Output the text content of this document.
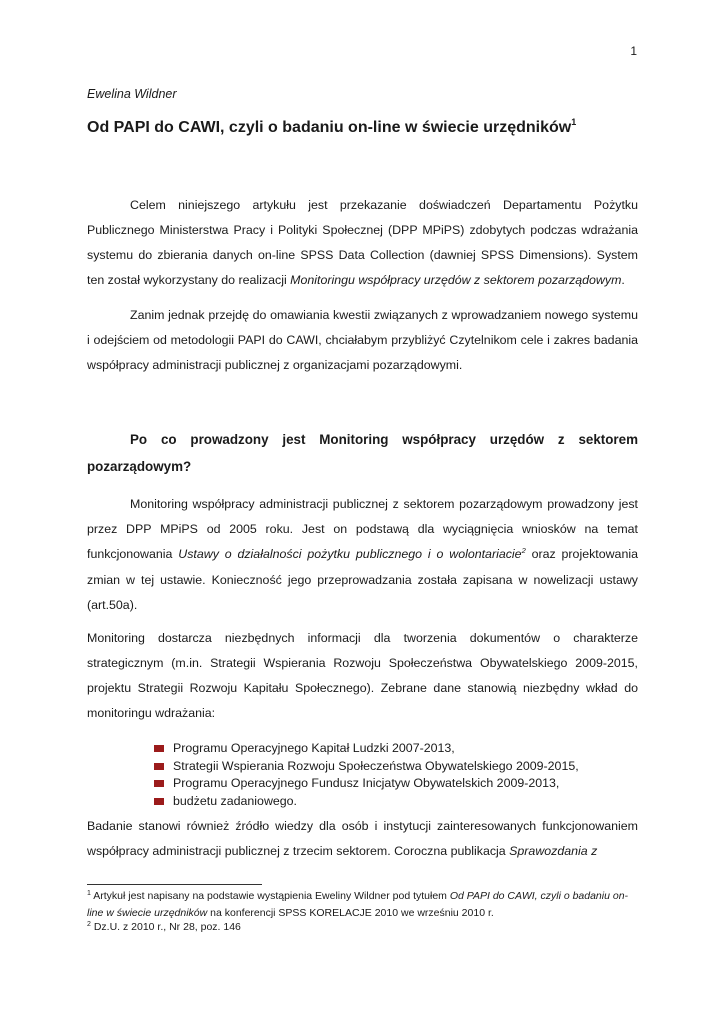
1
Ewelina Wildner
Od PAPI do CAWI, czyli o badaniu on-line w świecie urzędników$^1$
Celem niniejszego artykułu jest przekazanie doświadczeń Departamentu Pożytku Publicznego Ministerstwa Pracy i Polityki Społecznej (DPP MPiPS) zdobytych podczas wdrażania systemu do zbierania danych on-line SPSS Data Collection (dawniej SPSS Dimensions). System ten został wykorzystany do realizacji Monitoringu współpracy urzędów z sektorem pozarządowym.
Zanim jednak przejdę do omawiania kwestii związanych z wprowadzaniem nowego systemu i odejściem od metodologii PAPI do CAWI, chciałabym przybliżyć Czytelnikom cele i zakres badania współpracy administracji publicznej z organizacjami pozarządowymi.
Po co prowadzony jest Monitoring współpracy urzędów z sektorem pozarządowym?
Monitoring współpracy administracji publicznej z sektorem pozarządowym prowadzony jest przez DPP MPiPS od 2005 roku. Jest on podstawą dla wyciągnięcia wniosków na temat funkcjonowania Ustawy o działalności pożytku publicznego i o wolontariacie$^2$ oraz projektowania zmian w tej ustawie. Konieczność jego przeprowadzania została zapisana w nowelizacji ustawy (art.50a).
Monitoring dostarcza niezbędnych informacji dla tworzenia dokumentów o charakterze strategicznym (m.in. Strategii Wspierania Rozwoju Społeczeństwa Obywatelskiego 2009-2015, projektu Strategii Rozwoju Kapitału Społecznego). Zebrane dane stanowią niezbędny wkład do monitoringu wdrażania:
Programu Operacyjnego Kapitał Ludzki 2007-2013,
Strategii Wspierania Rozwoju Społeczeństwa Obywatelskiego 2009-2015,
Programu Operacyjnego Fundusz Inicjatyw Obywatelskich 2009-2013,
budżetu zadaniowego.
Badanie stanowi również źródło wiedzy dla osób i instytucji zainteresowanych funkcjonowaniem współpracy administracji publicznej z trzecim sektorem. Coroczna publikacja Sprawozdania z
$^1$ Artykuł jest napisany na podstawie wystąpienia Eweliny Wildner pod tytułem Od PAPI do CAWI, czyli o badaniu on-line w świecie urzędników na konferencji SPSS KORELACJE 2010 we wrześniu 2010 r.
$^2$ Dz.U. z 2010 r., Nr 28, poz. 146
